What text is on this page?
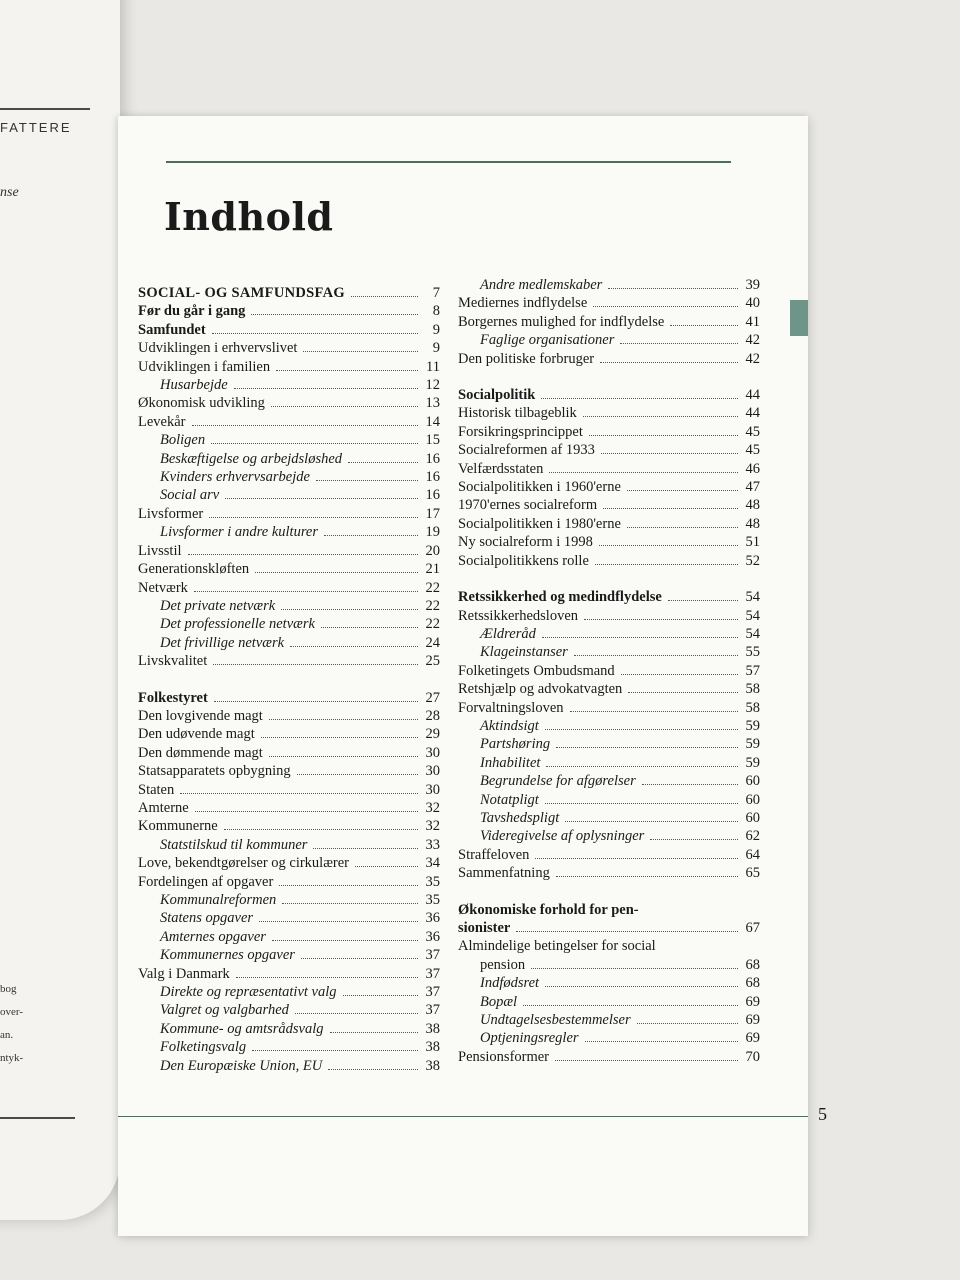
FATTERE
nse
bog
over-
an.
ntyk-
Indhold
SOCIAL- OG SAMFUNDSFAG	7
Før du går i gang	8
Samfundet	9
Udviklingen i erhvervslivet	9
Udviklingen i familien	11
Husarbejde	12
Økonomisk udvikling	13
Levekår	14
Boligen	15
Beskæftigelse og arbejdsløshed	16
Kvinders erhvervsarbejde	16
Social arv	16
Livsformer	17
Livsformer i andre kulturer	19
Livsstil	20
Generationskløften	21
Netværk	22
Det private netværk	22
Det professionelle netværk	22
Det frivillige netværk	24
Livskvalitet	25
Folkestyret	27
Den lovgivende magt	28
Den udøvende magt	29
Den dømmende magt	30
Statsapparatets opbygning	30
Staten	30
Amterne	32
Kommunerne	32
Statstilskud til kommuner	33
Love, bekendtgørelser og cirkulærer	34
Fordelingen af opgaver	35
Kommunalreformen	35
Statens opgaver	36
Amternes opgaver	36
Kommunernes opgaver	37
Valg i Danmark	37
Direkte og repræsentativt valg	37
Valgret og valgbarhed	37
Kommune- og amtsrådsvalg	38
Folketingsvalg	38
Den Europæiske Union, EU	38
Andre medlemskaber	39
Mediernes indflydelse	40
Borgernes mulighed for indflydelse	41
Faglige organisationer	42
Den politiske forbruger	42
Socialpolitik	44
Historisk tilbageblik	44
Forsikringsprincippet	45
Socialreformen af 1933	45
Velfærdsstaten	46
Socialpolitikken i 1960'erne	47
1970'ernes socialreform	48
Socialpolitikken i 1980'erne	48
Ny socialreform i 1998	51
Socialpolitikkens rolle	52
Retssikkerhed og medindflydelse	54
Retssikkerhedsloven	54
Ældreråd	54
Klageinstanser	55
Folketingets Ombudsmand	57
Retshjælp og advokatvagten	58
Forvaltningsloven	58
Aktindsigt	59
Partshøring	59
Inhabilitet	59
Begrundelse for afgørelser	60
Notatpligt	60
Tavshedspligt	60
Videregivelse af oplysninger	62
Straffeloven	64
Sammenfatning	65
Økonomiske forhold for pen-
sionister	67
Almindelige betingelser for social
pension	68
Indfødsret	68
Bopæl	69
Undtagelsesbestemmelser	69
Optjeningsregler	69
Pensionsformer	70
5
